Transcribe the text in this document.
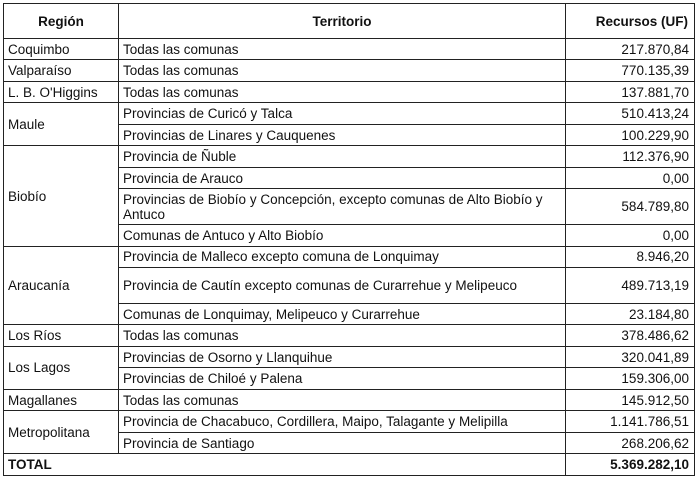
Región	Territorio	Recursos (UF)
Coquimbo	Todas las comunas	217.870,84
Valparaíso	Todas las comunas	770.135,39
L. B. O'Higgins	Todas las comunas	137.881,70
Maule	Provincias de Curicó y Talca	510.413,24
	Provincias de Linares y Cauquenes	100.229,90
Biobío	Provincia de Ñuble	112.376,90
	Provincia de Arauco	0,00
	Provincias de Biobío y Concepción, excepto comunas de Alto Biobío y Antuco	584.789,80
	Comunas de Antuco y Alto Biobío	0,00
Araucanía	Provincia de Malleco excepto comuna de Lonquimay	8.946,20
	Provincia de Cautín excepto comunas de Curarrehue y Melipeuco	489.713,19
	Comunas de Lonquimay, Melipeuco y Curarrehue	23.184,80
Los Ríos	Todas las comunas	378.486,62
Los Lagos	Provincias de Osorno y Llanquihue	320.041,89
	Provincias de Chiloé y Palena	159.306,00
Magallanes	Todas las comunas	145.912,50
Metropolitana	Provincia de Chacabuco, Cordillera, Maipo, Talagante y Melipilla	1.141.786,51
	Provincia de Santiago	268.206,62
TOTAL		5.369.282,10
